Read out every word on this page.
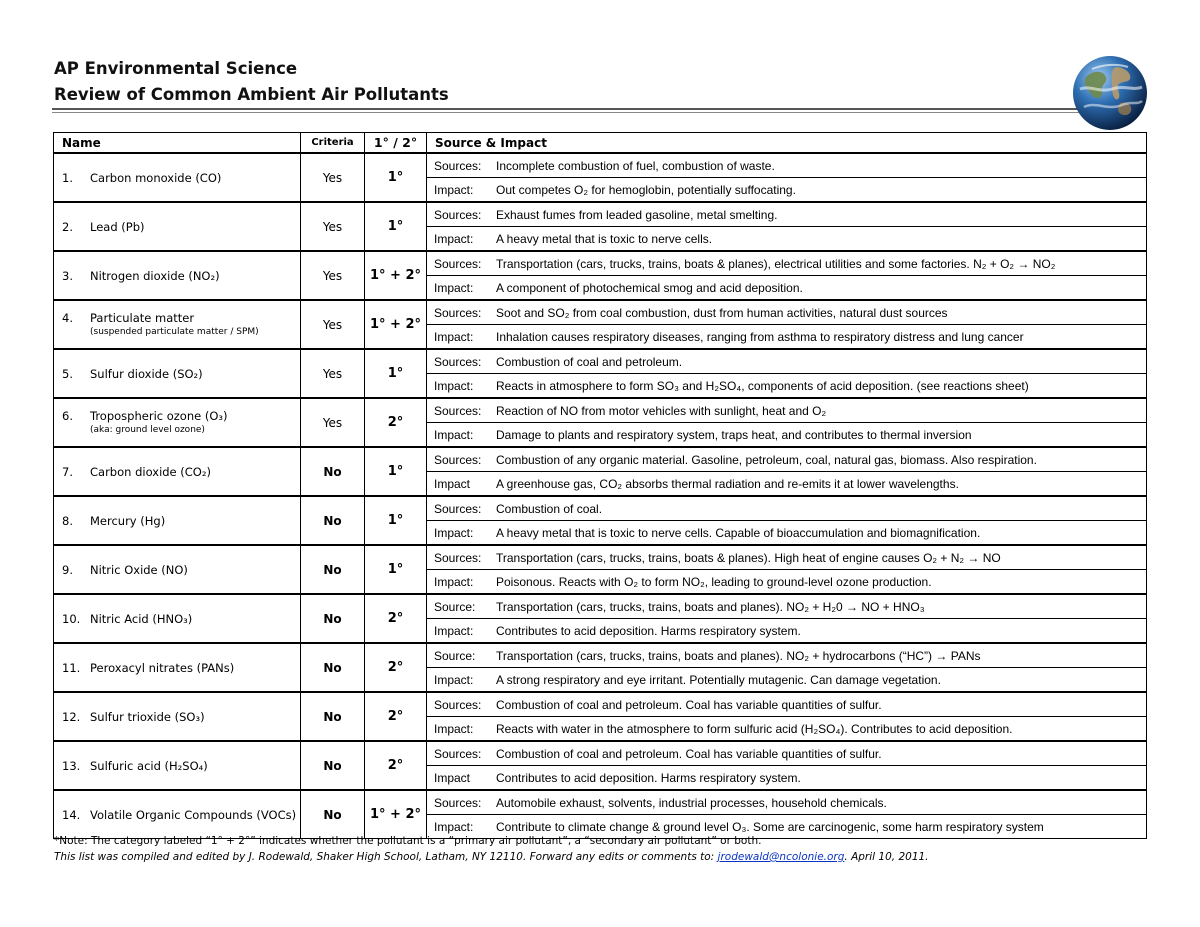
AP Environmental Science
Review of Common Ambient Air Pollutants
Name	Criteria	1° / 2°	Source & Impact
1. Carbon monoxide (CO)	Yes	1°	Sources: Incomplete combustion of fuel, combustion of waste.
			Impact: Out competes O₂ for hemoglobin, potentially suffocating.
2. Lead (Pb)	Yes	1°	Sources: Exhaust fumes from leaded gasoline, metal smelting.
			Impact: A heavy metal that is toxic to nerve cells.
3. Nitrogen dioxide (NO₂)	Yes	1° + 2°	Sources: Transportation (cars, trucks, trains, boats & planes), electrical utilities and some factories. N₂ + O₂ → NO₂
			Impact: A component of photochemical smog and acid deposition.
4. Particulate matter
(suspended particulate matter / SPM)	Yes	1° + 2°	Sources: Soot and SO₂ from coal combustion, dust from human activities, natural dust sources
			Impact: Inhalation causes respiratory diseases, ranging from asthma to respiratory distress and lung cancer
5. Sulfur dioxide (SO₂)	Yes	1°	Sources: Combustion of coal and petroleum.
			Impact: Reacts in atmosphere to form SO₃ and H₂SO₄, components of acid deposition. (see reactions sheet)
6. Tropospheric ozone (O₃)
(aka: ground level ozone)	Yes	2°	Sources: Reaction of NO from motor vehicles with sunlight, heat and O₂
			Impact: Damage to plants and respiratory system, traps heat, and contributes to thermal inversion
7. Carbon dioxide (CO₂)	No	1°	Sources: Combustion of any organic material. Gasoline, petroleum, coal, natural gas, biomass. Also respiration.
			Impact A greenhouse gas, CO₂ absorbs thermal radiation and re-emits it at lower wavelengths.
8. Mercury (Hg)	No	1°	Sources: Combustion of coal.
			Impact: A heavy metal that is toxic to nerve cells. Capable of bioaccumulation and biomagnification.
9. Nitric Oxide (NO)	No	1°	Sources: Transportation (cars, trucks, trains, boats & planes). High heat of engine causes O₂ + N₂ → NO
			Impact: Poisonous. Reacts with O₂ to form NO₂, leading to ground-level ozone production.
10. Nitric Acid (HNO₃)	No	2°	Source: Transportation (cars, trucks, trains, boats and planes). NO₂ + H₂0 → NO + HNO₃
			Impact: Contributes to acid deposition. Harms respiratory system.
11. Peroxacyl nitrates (PANs)	No	2°	Source: Transportation (cars, trucks, trains, boats and planes). NO₂ + hydrocarbons (“HC”) → PANs
			Impact: A strong respiratory and eye irritant. Potentially mutagenic. Can damage vegetation.
12. Sulfur trioxide (SO₃)	No	2°	Sources: Combustion of coal and petroleum. Coal has variable quantities of sulfur.
			Impact: Reacts with water in the atmosphere to form sulfuric acid (H₂SO₄). Contributes to acid deposition.
13. Sulfuric acid (H₂SO₄)	No	2°	Sources: Combustion of coal and petroleum. Coal has variable quantities of sulfur.
			Impact Contributes to acid deposition. Harms respiratory system.
14. Volatile Organic Compounds (VOCs)	No	1° + 2°	Sources: Automobile exhaust, solvents, industrial processes, household chemicals.
			Impact: Contribute to climate change & ground level O₃. Some are carcinogenic, some harm respiratory system
*Note: The category labeled “1° + 2°” indicates whether the pollutant is a “primary air pollutant”, a “secondary air pollutant” or both.
This list was compiled and edited by J. Rodewald, Shaker High School, Latham, NY 12110. Forward any edits or comments to: jrodewald@ncolonie.org. April 10, 2011.
